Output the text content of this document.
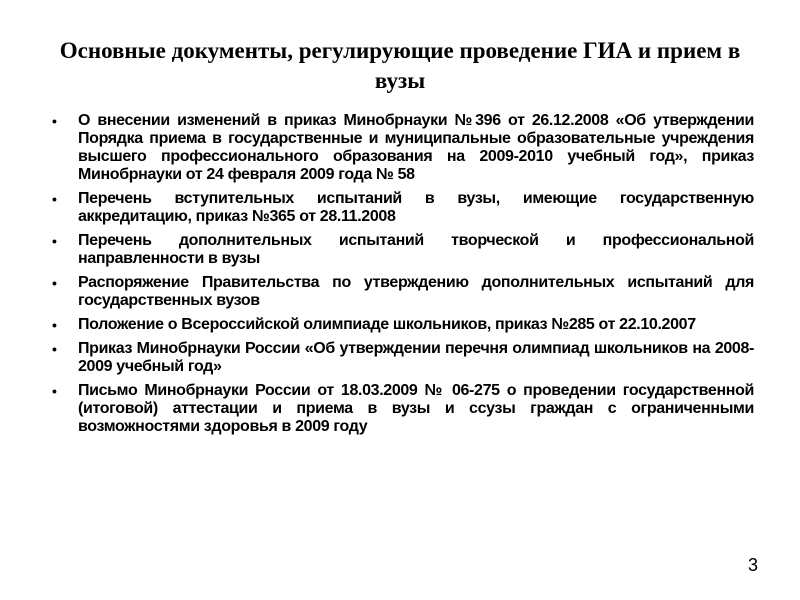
Основные документы, регулирующие проведение ГИА и прием в вузы
• О внесении изменений в приказ Минобрнауки №396 от 26.12.2008 «Об утверждении Порядка приема в государственные и муниципальные образовательные учреждения высшего профессионального образования на 2009-2010 учебный год», приказ Минобрнауки от 24 февраля 2009 года № 58
• Перечень вступительных испытаний в вузы, имеющие государственную аккредитацию, приказ №365 от 28.11.2008
• Перечень дополнительных испытаний творческой и профессиональной направленности в вузы
• Распоряжение Правительства по утверждению дополнительных испытаний для государственных вузов
• Положение о Всероссийской олимпиаде школьников, приказ №285 от 22.10.2007
• Приказ Минобрнауки России «Об утверждении перечня олимпиад школьников на 2008-2009 учебный год»
• Письмо Минобрнауки России от 18.03.2009 № 06-275 о проведении государственной (итоговой) аттестации и приема в вузы и ссузы граждан с ограниченными возможностями здоровья в 2009 году
3
